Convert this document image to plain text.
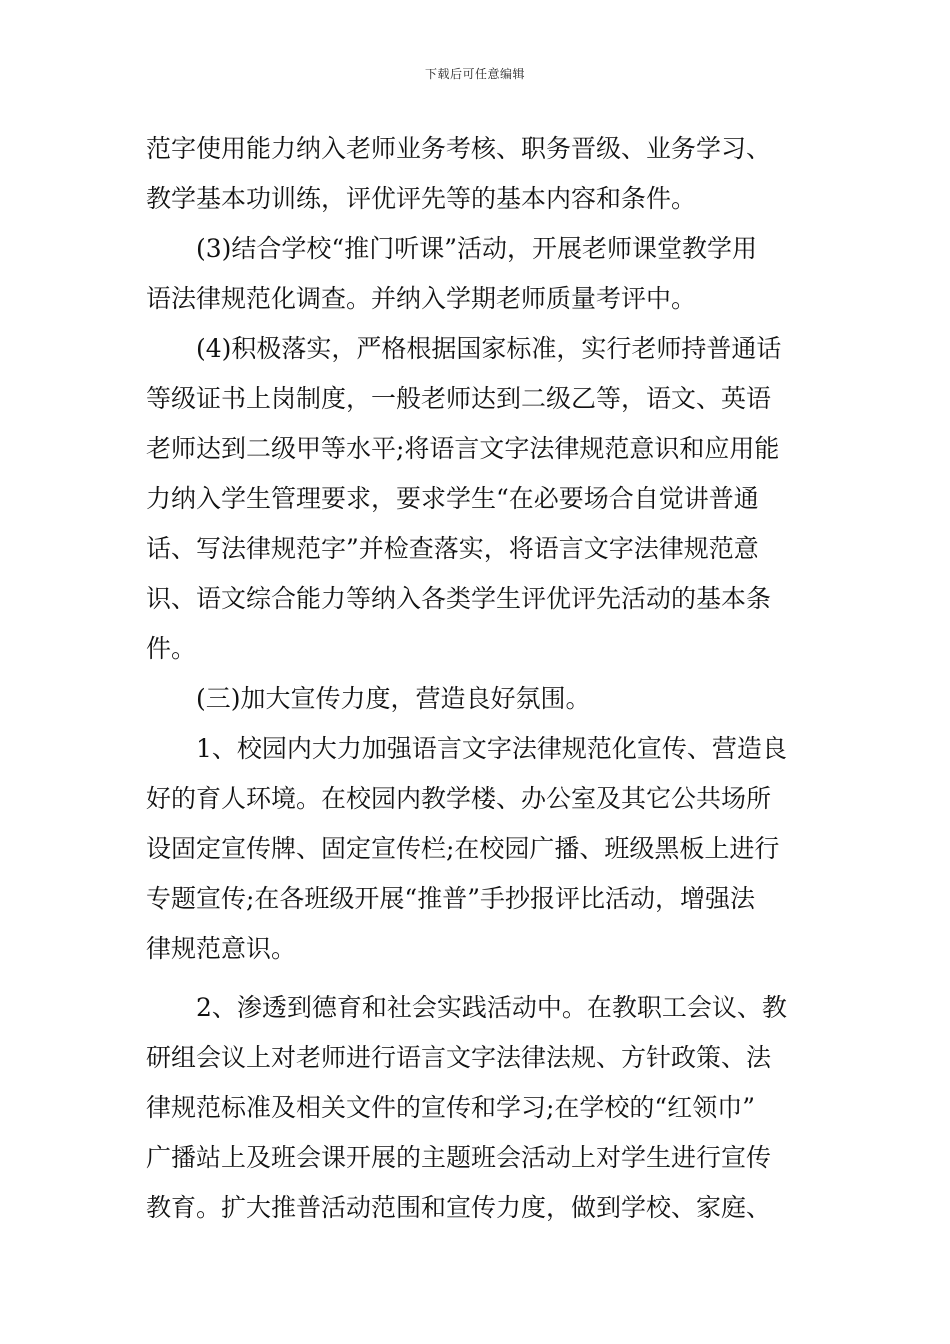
下载后可任意编辑
范字使用能力纳入老师业务考核、职务晋级、业务学习、
教学基本功训练，评优评先等的基本内容和条件。
(3)结合学校“推门听课”活动，开展老师课堂教学用
语法律规范化调查。并纳入学期老师质量考评中。
(4)积极落实，严格根据国家标准，实行老师持普通话
等级证书上岗制度，一般老师达到二级乙等，语文、英语
老师达到二级甲等水平;将语言文字法律规范意识和应用能
力纳入学生管理要求，要求学生“在必要场合自觉讲普通
话、写法律规范字”并检查落实，将语言文字法律规范意
识、语文综合能力等纳入各类学生评优评先活动的基本条
件。
(三)加大宣传力度，营造良好氛围。
1、校园内大力加强语言文字法律规范化宣传、营造良
好的育人环境。在校园内教学楼、办公室及其它公共场所
设固定宣传牌、固定宣传栏;在校园广播、班级黑板上进行
专题宣传;在各班级开展“推普”手抄报评比活动，增强法
律规范意识。
2、渗透到德育和社会实践活动中。在教职工会议、教
研组会议上对老师进行语言文字法律法规、方针政策、法
律规范标准及相关文件的宣传和学习;在学校的“红领巾”
广播站上及班会课开展的主题班会活动上对学生进行宣传
教育。扩大推普活动范围和宣传力度，做到学校、家庭、
